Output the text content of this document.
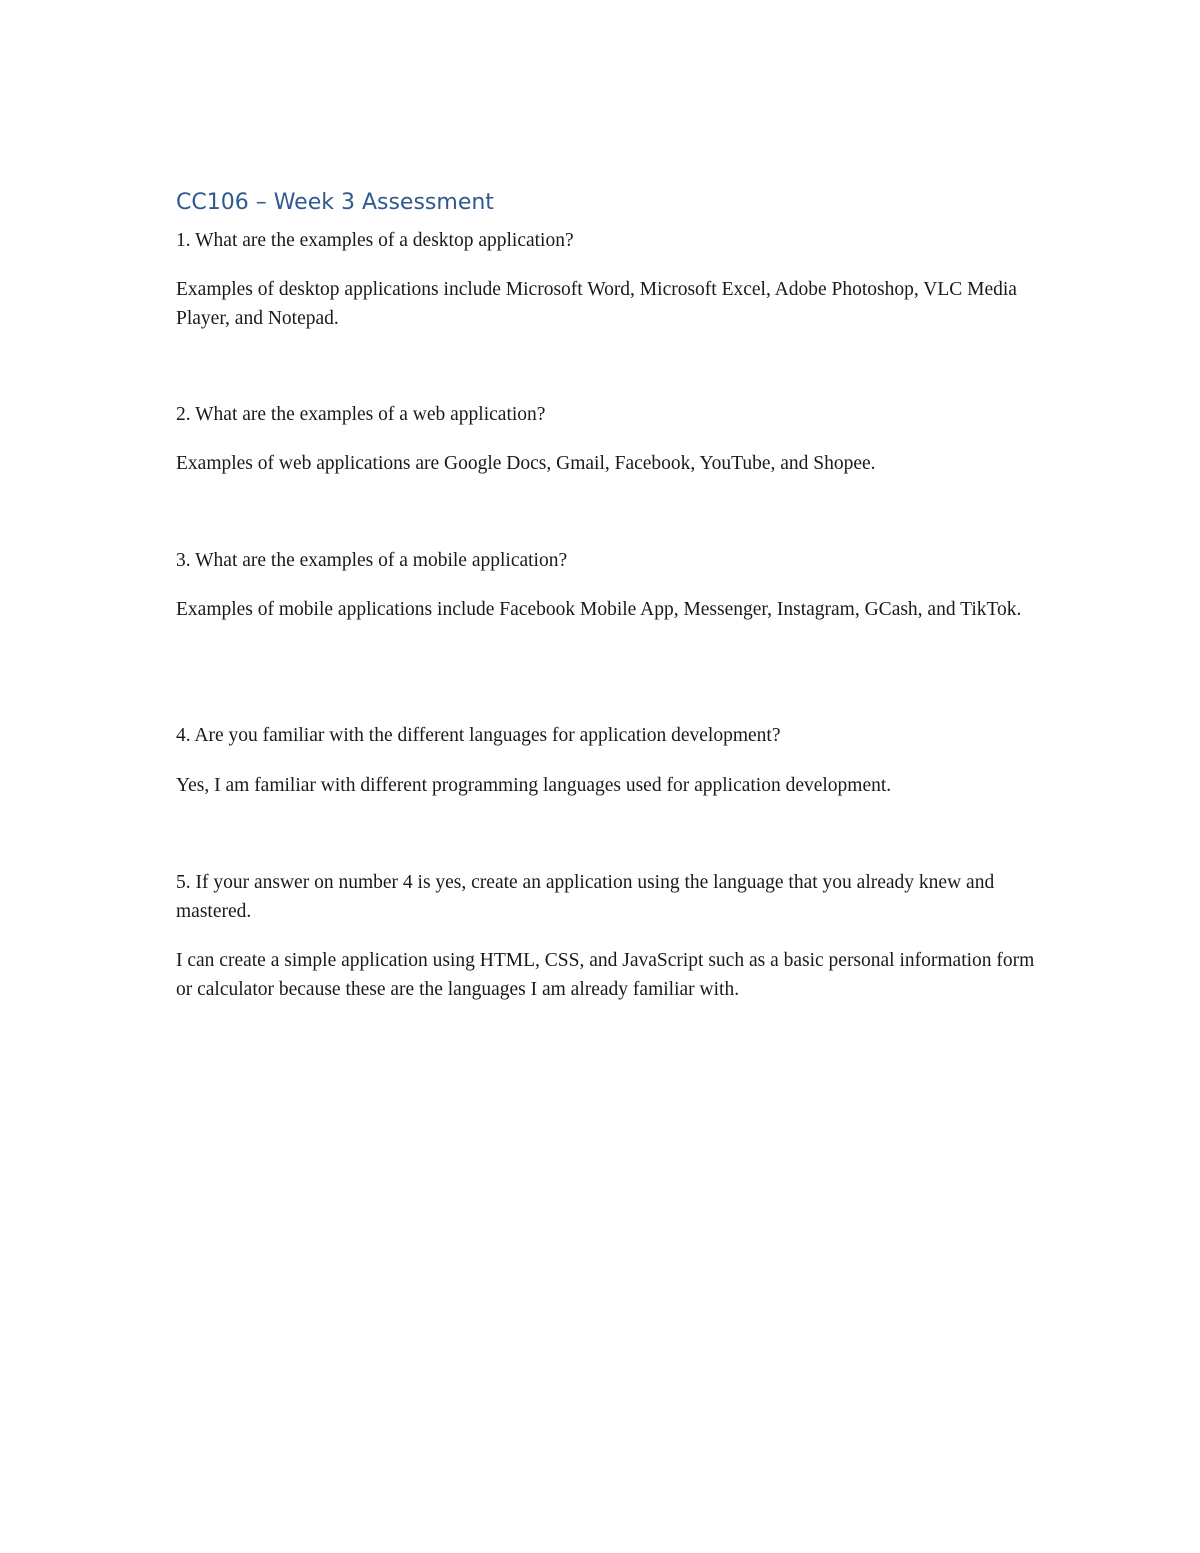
CC106 – Week 3 Assessment

1. What are the examples of a desktop application?

Examples of desktop applications include Microsoft Word, Microsoft Excel, Adobe Photoshop, VLC Media Player, and Notepad.

2. What are the examples of a web application?

Examples of web applications are Google Docs, Gmail, Facebook, YouTube, and Shopee.

3. What are the examples of a mobile application?

Examples of mobile applications include Facebook Mobile App, Messenger, Instagram, GCash, and TikTok.

4. Are you familiar with the different languages for application development?

Yes, I am familiar with different programming languages used for application development.

5. If your answer on number 4 is yes, create an application using the language that you already knew and mastered.

I can create a simple application using HTML, CSS, and JavaScript such as a basic personal information form or calculator because these are the languages I am already familiar with.
